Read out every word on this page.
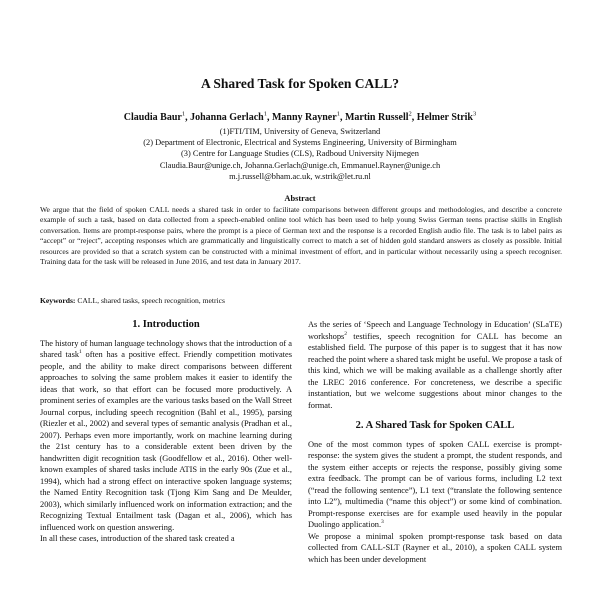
A Shared Task for Spoken CALL?
Claudia Baur$^1$, Johanna Gerlach$^1$, Manny Rayner$^1$, Martin Russell$^2$, Helmer Strik$^3$
(1)FTI/TIM, University of Geneva, Switzerland
(2) Department of Electronic, Electrical and Systems Engineering, University of Birmingham
(3) Centre for Language Studies (CLS), Radboud University Nijmegen
Claudia.Baur@unige.ch, Johanna.Gerlach@unige.ch, Emmanuel.Rayner@unige.ch
m.j.russell@bham.ac.uk, w.strik@let.ru.nl
Abstract
We argue that the field of spoken CALL needs a shared task in order to facilitate comparisons between different groups and methodologies, and describe a concrete example of such a task, based on data collected from a speech-enabled online tool which has been used to help young Swiss German teens practise skills in English conversation. Items are prompt-response pairs, where the prompt is a piece of German text and the response is a recorded English audio file. The task is to label pairs as “accept” or “reject”, accepting responses which are grammatically and linguistically correct to match a set of hidden gold standard answers as closely as possible. Initial resources are provided so that a scratch system can be constructed with a minimal investment of effort, and in particular without necessarily using a speech recogniser. Training data for the task will be released in June 2016, and test data in January 2017.
Keywords: CALL, shared tasks, speech recognition, metrics
1. Introduction

The history of human language technology shows that the introduction of a shared task$^1$ often has a positive effect. Friendly competition motivates people, and the ability to make direct comparisons between different approaches to solving the same problem makes it easier to identify the ideas that work, so that effort can be focused more productively. A prominent series of examples are the various tasks based on the Wall Street Journal corpus, including speech recognition (Bahl et al., 1995), parsing (Riezler et al., 2002) and several types of semantic analysis (Pradhan et al., 2007). Perhaps even more importantly, work on machine learning during the 21st century has to a considerable extent been driven by the handwritten digit recognition task (Goodfellow et al., 2016). Other well-known examples of shared tasks include ATIS in the early 90s (Zue et al., 1994), which had a strong effect on interactive spoken language systems; the Named Entity Recognition task (Tjong Kim Sang and De Meulder, 2003), which similarly influenced work on information extraction; and the Recognizing Textual Entailment task (Dagan et al., 2006), which has influenced work on question answering.

In all these cases, introduction of the shared task created a

As the series of ‘Speech and Language Technology in Education’ (SLaTE) workshops$^2$ testifies, speech recognition for CALL has become an established field. The purpose of this paper is to suggest that it has now reached the point where a shared task might be useful. We propose a task of this kind, which we will be making available as a challenge shortly after the LREC 2016 conference. For concreteness, we describe a specific instantiation, but we welcome suggestions about minor changes to the format.

2. A Shared Task for Spoken CALL

One of the most common types of spoken CALL exercise is prompt-response: the system gives the student a prompt, the student responds, and the system either accepts or rejects the response, possibly giving some extra feedback. The prompt can be of various forms, including L2 text (“read the following sentence”), L1 text (“translate the following sentence into L2”), multimedia (“name this object”) or some kind of combination. Prompt-response exercises are for example used heavily in the popular Duolingo application.$^3$

We propose a minimal spoken prompt-response task based on data collected from CALL-SLT (Rayner et al., 2010), a spoken CALL system which has been under development
